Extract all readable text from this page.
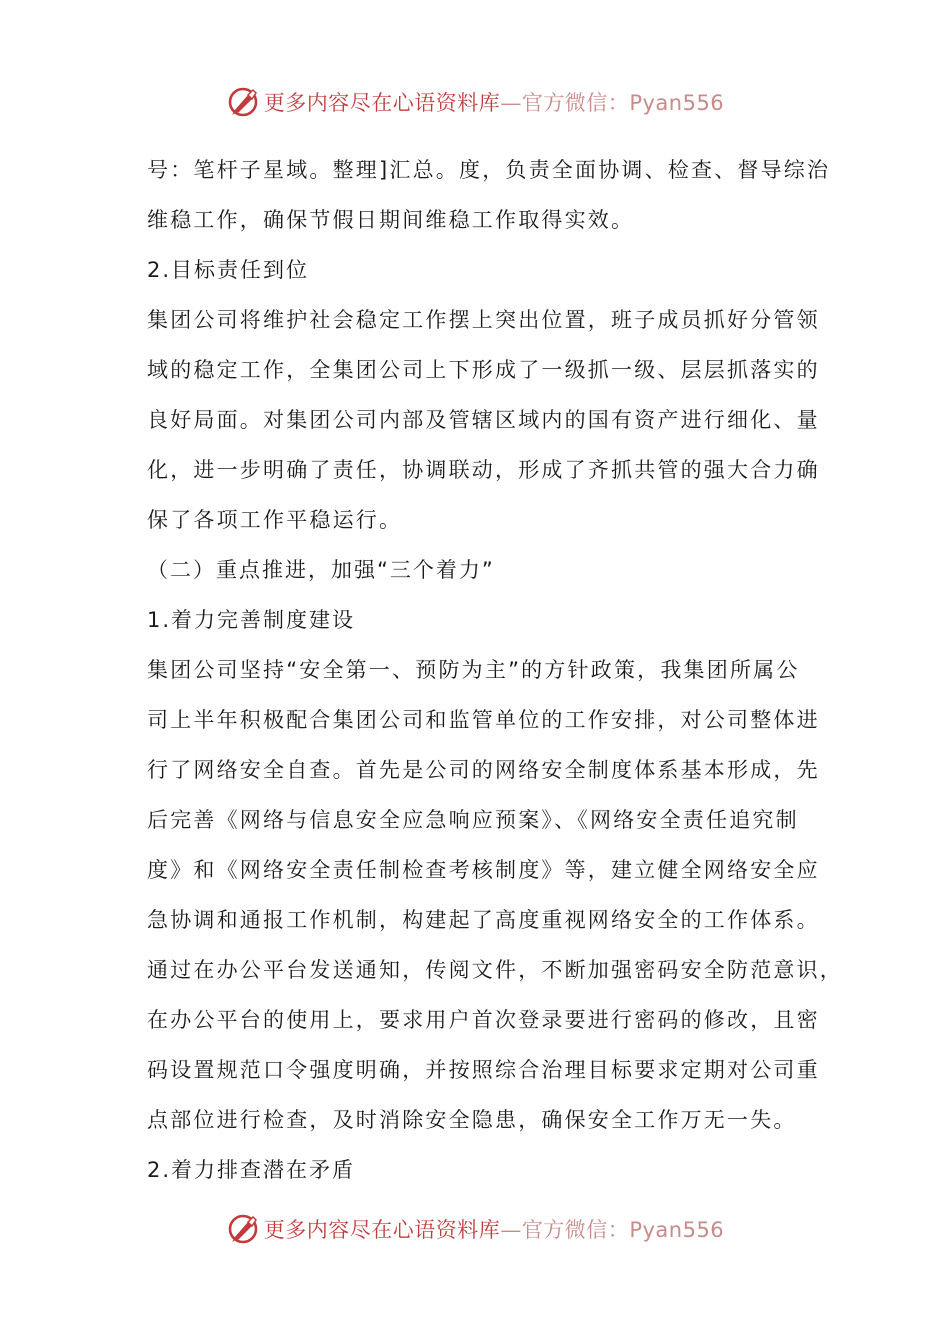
更多内容尽在心语资料库—官方微信：Pyan556
号：笔杆子星域。整理]汇总。度，负责全面协调、检查、督导综治
维稳工作，确保节假日期间维稳工作取得实效。
2.目标责任到位
集团公司将维护社会稳定工作摆上突出位置，班子成员抓好分管领
域的稳定工作，全集团公司上下形成了一级抓一级、层层抓落实的
良好局面。对集团公司内部及管辖区域内的国有资产进行细化、量
化，进一步明确了责任，协调联动，形成了齐抓共管的强大合力确
保了各项工作平稳运行。
（二）重点推进，加强“三个着力”
1.着力完善制度建设
集团公司坚持“安全第一、预防为主”的方针政策，我集团所属公
司上半年积极配合集团公司和监管单位的工作安排，对公司整体进
行了网络安全自查。首先是公司的网络安全制度体系基本形成，先
后完善《网络与信息安全应急响应预案》、《网络安全责任追究制
度》和《网络安全责任制检查考核制度》等，建立健全网络安全应
急协调和通报工作机制，构建起了高度重视网络安全的工作体系。
通过在办公平台发送通知，传阅文件，不断加强密码安全防范意识，
在办公平台的使用上，要求用户首次登录要进行密码的修改，且密
码设置规范口令强度明确，并按照综合治理目标要求定期对公司重
点部位进行检查，及时消除安全隐患，确保安全工作万无一失。
2.着力排查潜在矛盾
更多内容尽在心语资料库—官方微信：Pyan556
